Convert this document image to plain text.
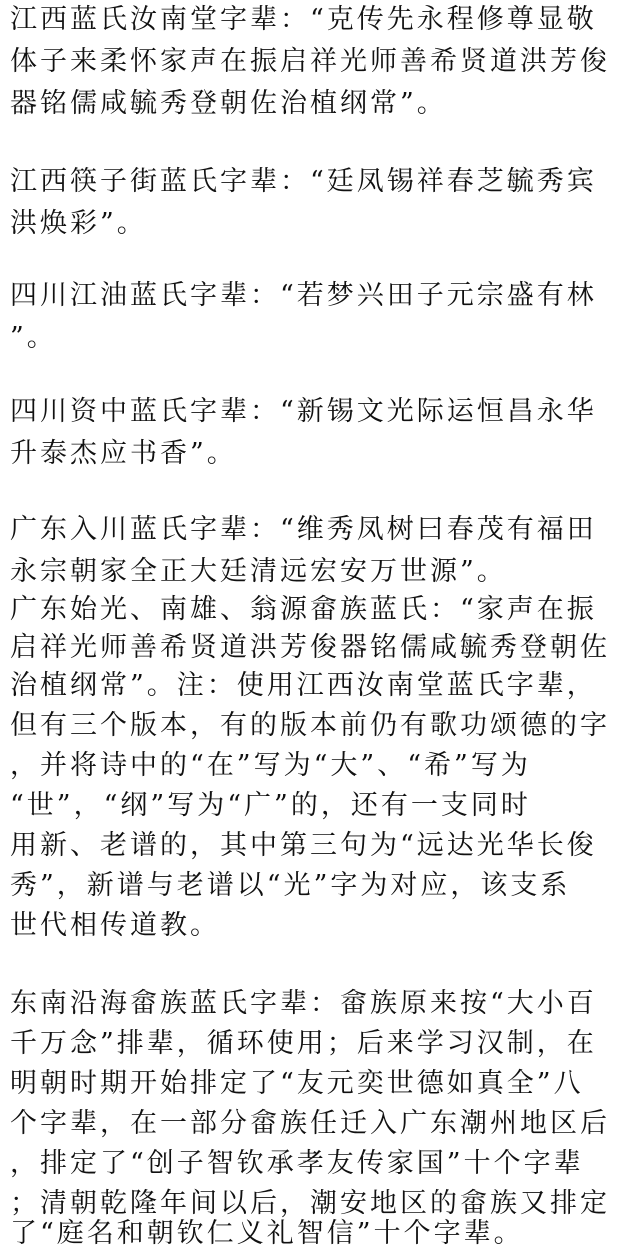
江西蓝氏汝南堂字辈：“克传先永程修尊显敬
体子来柔怀家声在振启祥光师善希贤道洪芳俊
器铭儒咸毓秀登朝佐治植纲常”。
江西筷子街蓝氏字辈：“廷凤锡祥春芝毓秀宾
洪焕彩”。
四川江油蓝氏字辈：“若梦兴田子元宗盛有林
”。
四川资中蓝氏字辈：“新锡文光际运恒昌永华
升泰杰应书香”。
广东入川蓝氏字辈：“维秀凤树曰春茂有福田
永宗朝家全正大廷清远宏安万世源”。
广东始光、南雄、翁源畲族蓝氏：“家声在振
启祥光师善希贤道洪芳俊器铭儒咸毓秀登朝佐
治植纲常”。注：使用江西汝南堂蓝氏字辈，
但有三个版本，有的版本前仍有歌功颂德的字
，并将诗中的“在”写为“大”、“希”写为
“世”，“纲”写为“广”的，还有一支同时
用新、老谱的，其中第三句为“远达光华长俊
秀”，新谱与老谱以“光”字为对应，该支系
世代相传道教。
东南沿海畲族蓝氏字辈：畲族原来按“大小百
千万念”排辈，循环使用；后来学习汉制，在
明朝时期开始排定了“友元奕世德如真全”八
个字辈，在一部分畲族任迁入广东潮州地区后
，排定了“创子智钦承孝友传家国”十个字辈
；清朝乾隆年间以后，潮安地区的畲族又排定
了“庭名和朝钦仁义礼智信”十个字辈。
